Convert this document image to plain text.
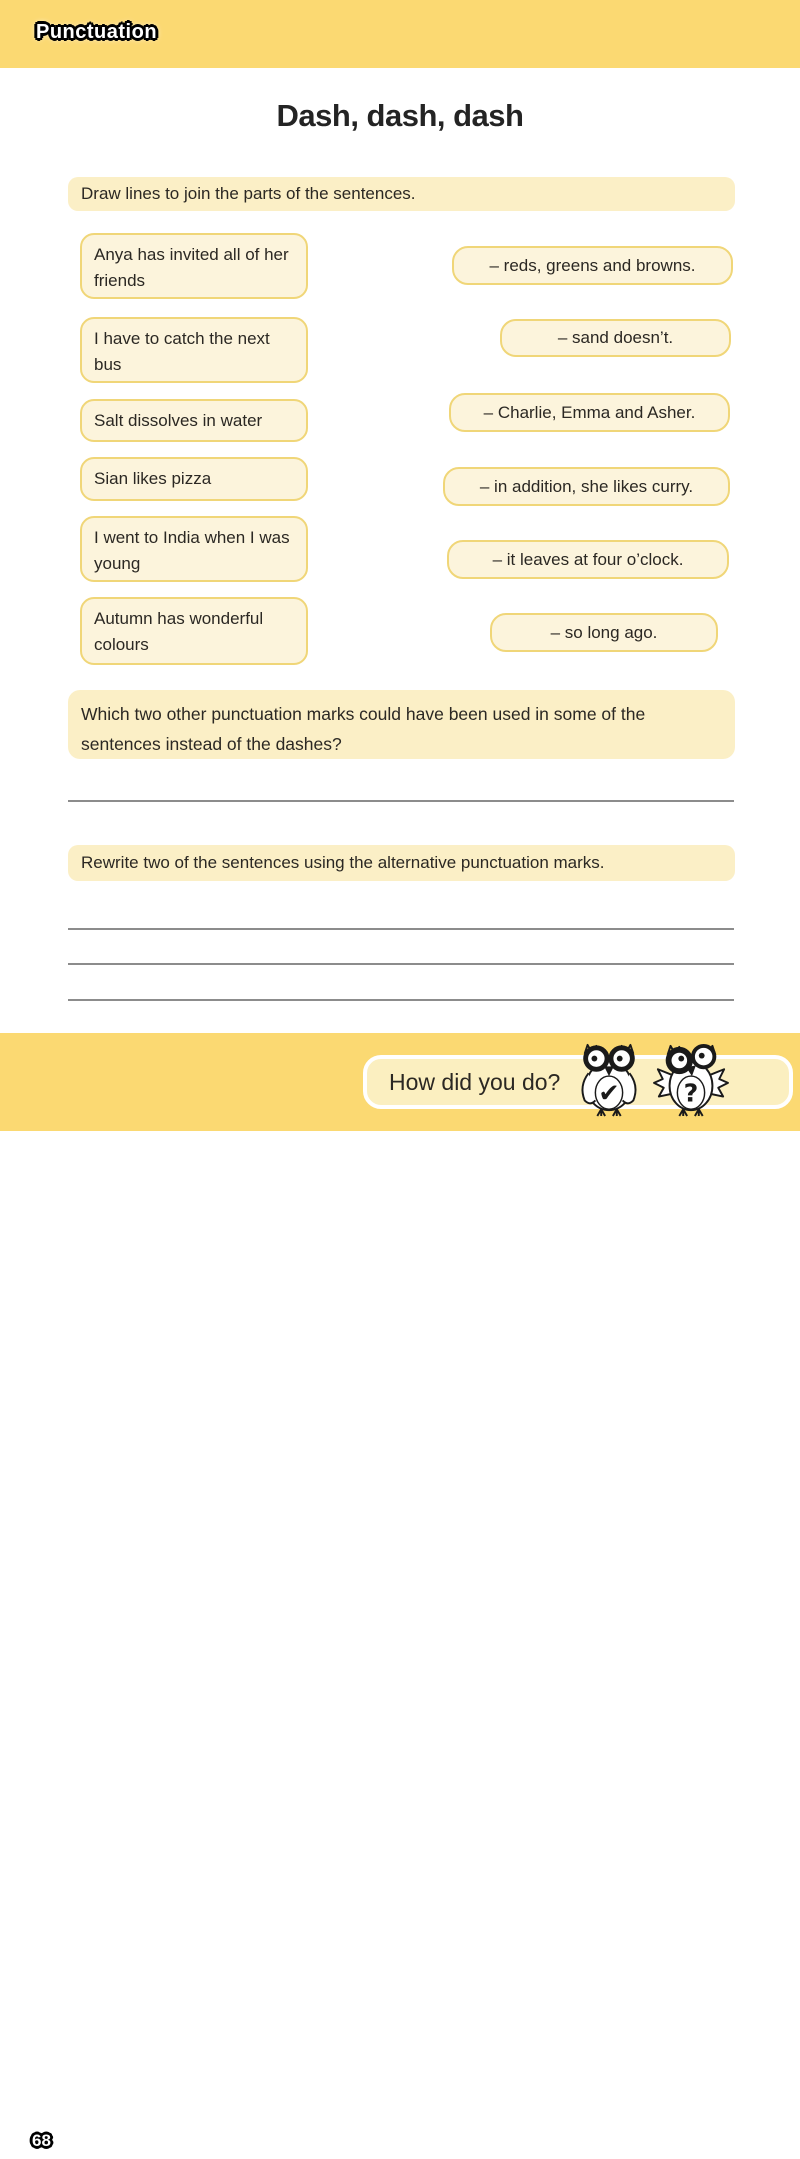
Punctuation
Dash, dash, dash
Draw lines to join the parts of the sentences.
Anya has invited all of her friends
I have to catch the next bus
Salt dissolves in water
Sian likes pizza
I went to India when I was young
Autumn has wonderful colours
– reds, greens and browns.
– sand doesn’t.
– Charlie, Emma and Asher.
– in addition, she likes curry.
– it leaves at four o’clock.
– so long ago.
Which two other punctuation marks could have been used in some of the sentences instead of the dashes?
Rewrite two of the sentences using the alternative punctuation marks.
68
How did you do? ✔ ?
